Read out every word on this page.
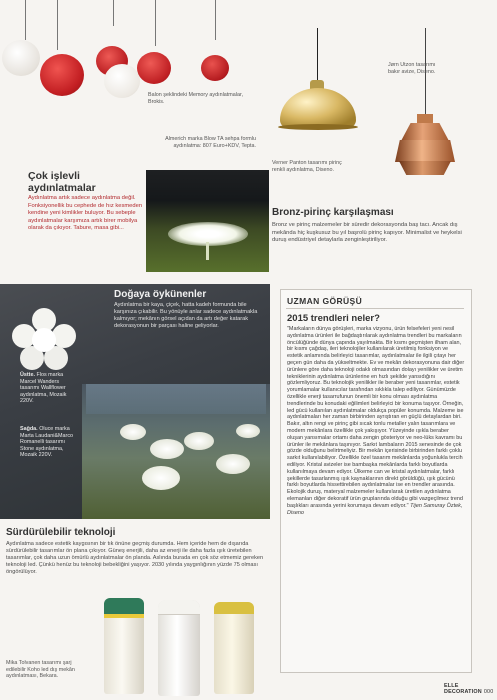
Balon şeklindeki Memory aydınlatmalar, Brokis.
Verner Panton tasarımı pirinç renkli aydınlatma, Diseno.
Jørn Utzon tasarımı bakır avize, Diseno.
Almerich marka Blow TA sehpa formlu aydınlatma: 807 Euro+KDV, Tepta.
Çok işlevli aydınlatmalar
Aydınlatma artık sadece aydınlatma değil. Fonksiyonellik bu cephede de hız kesmeden kendine yeni kimlikler buluyor. Bu sebeple aydınlatmalar karşımıza artık birer mobilya olarak da çıkıyor. Tabure, masa gibi...
Bronz-pirinç karşılaşması
Bronz ve pirinç malzemeler bir süredir dekorasyonda baş tacı. Ancak dış mekânda hiç kuşkusuz bu yıl başrolü pirinç kapıyor. Minimalist ve heykelsi duruş endüstriyel detaylarla zenginleştiriliyor.
Doğaya öykünenler
Aydınlatma bir kaya, çiçek, hatta kadeh formunda bile karşınıza çıkabilir. Bu yönüyle anlar sadece aydınlatmakla kalmıyor; mekânın görsel açıdan da artı değer katarak dekorasyonun bir parçası haline geliyorlar.
Üstte. Flos marka Marcel Wanders tasarımı Wallflower aydınlatma, Mozaik 220V.
Sağda. Oluce marka Marta Laudani&Marco Romanelli tasarımı Stone aydınlatma, Mozaik 220V.
UZMAN GÖRÜŞÜ
2015 trendleri neler?
"Markaların dünya görüşleri, marka vizyonu, ürün felsefeleri yeni nesil aydınlatma ürünleri ile bağdaştırılarak aydınlatma trendleri bu markaların öncülüğünde dünya çapında yayılmakta. Bir kısmı geçmişten ilham alan, bir kısmı çağdaş, ileri teknolojiler kullanılarak üretilmiş fonksiyon ve estetik anlamında belirleyici tasarımlar, aydınlatmalar ile ilgili çıtayı her geçen gün daha da yükseltmekte. Ev ve mekân dekorasyonuna dair diğer ürünlere göre daha teknoloji odaklı olmasından dolayı yenilikler ve üretim tekniklerinin aydınlatma ürünlerine en hızlı şekilde yansıdığını gözlemliyoruz. Bu teknolojik yenilikler ile beraber yeni tasarımlar, estetik yorumlamalar kullanıcılar tarafından sıklıkla talep ediliyor. Günümüzde özellikle enerji tasarrufunun önemli bir konu olması aydınlatma trendlerinde bu konudaki eğilimleri belirleyici bir konuma taşıyor. Örneğin, led gücü kullanılan aydınlatmalar oldukça popüler konumda. Malzeme ise aydınlatmaları her zaman birbirinden ayrıştıran en güçlü detaylardan biri. Bakır, altın rengi ve pirinç gibi sıcak tonlu metaller yalın tasarımlara ve modern mekânlara özellikle çok yakışıyor. Yüzeyinde ışıkla beraber oluşan yansımalar ortamı daha zengin gösteriyor ve neo-lüks kavramı bu ürünler ile mekânlara taşınıyor. Sarkıt lambaların 2015 senesinde de çok gözde olduğunu belirtmeliyiz. Bir mekân içerisinde birbirinden farklı çoklu sarkıt kullanılabiliyor. Özellikle özel tasarım mekânlarda yoğunlukla tercih ediliyor. Kristal avizeler ise bambaşka mekânlarda farklı boyutlarda kullanılmaya devam ediyor. Ülkeme can ve kristal aydınlatmalar, farklı şekillerde tasarlanmış ışık kaynaklarının direkt görüldüğü, ışık gücünü farklı boyutlarda hissettirebilen aydınlatmalar ise en trendler arasında. Ekolojik duruş, materyal malzemeler kullanılarak üretilen aydınlatma elemanları diğer dekoratif ürün gruplarında olduğu gibi vazgeçilmez trend başlıkları arasında yerini korumaya devam ediyor." Tijen Samuray Öztek, Diseno
Sürdürülebilir teknoloji
Aydınlatma sadece estetik kaygısının bir tık önüne geçmiş durumda. Hem içeride hem de dışarıda sürdürülebilir tasarımlar ön plana çıkıyor. Güneş enerjili, daha az enerji ile daha fazla ışık üretebilen tasarımlar, çok daha uzun ömürlü aydınlatmalar ön planda. Aslında burada en çok söz etmemiz gereken teknoloji led. Çünkü henüz bu teknoloji bebekliğini yaşıyor. 2030 yılında yaygınlığının yüzde 75 olması öngörülüyor.
Mika Tolvanen tasarımı şarj edilebilir Koho led dış mekân aydınlatması, Bekara.
ELLE DECORATION 000
